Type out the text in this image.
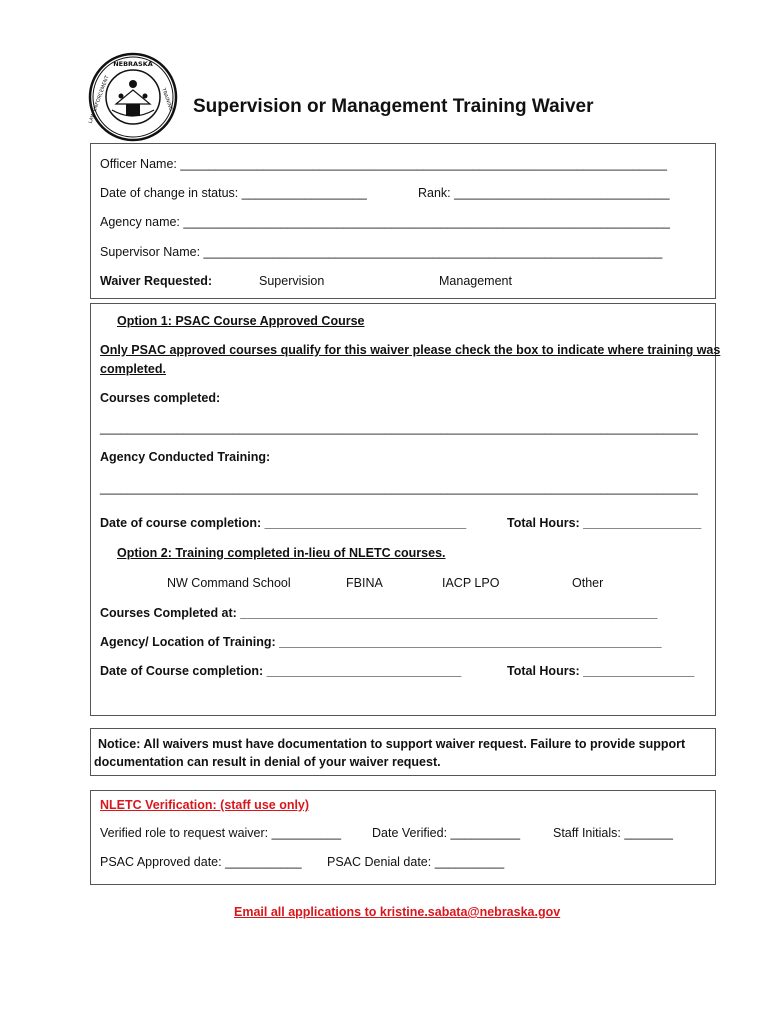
NEBRASKA
LAW ENFORCEMENT	TRAINING Supervision or Management Training Waiver
Officer Name: ______________________________________________________________________
Date of change in status: __________________	Rank: _______________________________
Agency name: ______________________________________________________________________
Supervisor Name: __________________________________________________________________
Waiver Requested:	Supervision	Management
Option 1: PSAC Course Approved Course
Only PSAC approved courses qualify for this waiver please check the box to indicate where training was
completed.
Courses completed:
______________________________________________________________________________________
Agency Conducted Training:
______________________________________________________________________________________
Date of course completion: _____________________________	Total Hours: _________________
Option 2: Training completed in-lieu of NLETC courses.
NW Command School	FBINA	IACP LPO	Other
Courses Completed at: ____________________________________________________________
Agency/ Location of Training: _______________________________________________________
Date of Course completion: ____________________________	Total Hours: ________________
Notice: All waivers must have documentation to support waiver request. Failure to provide support
documentation can result in denial of your waiver request.
NLETC Verification: (staff use only)
Verified role to request waiver: __________ Date Verified: __________	Staff Initials: _______
PSAC Approved date: ___________ PSAC Denial date: __________
Email all applications to kristine.sabata@nebraska.gov
